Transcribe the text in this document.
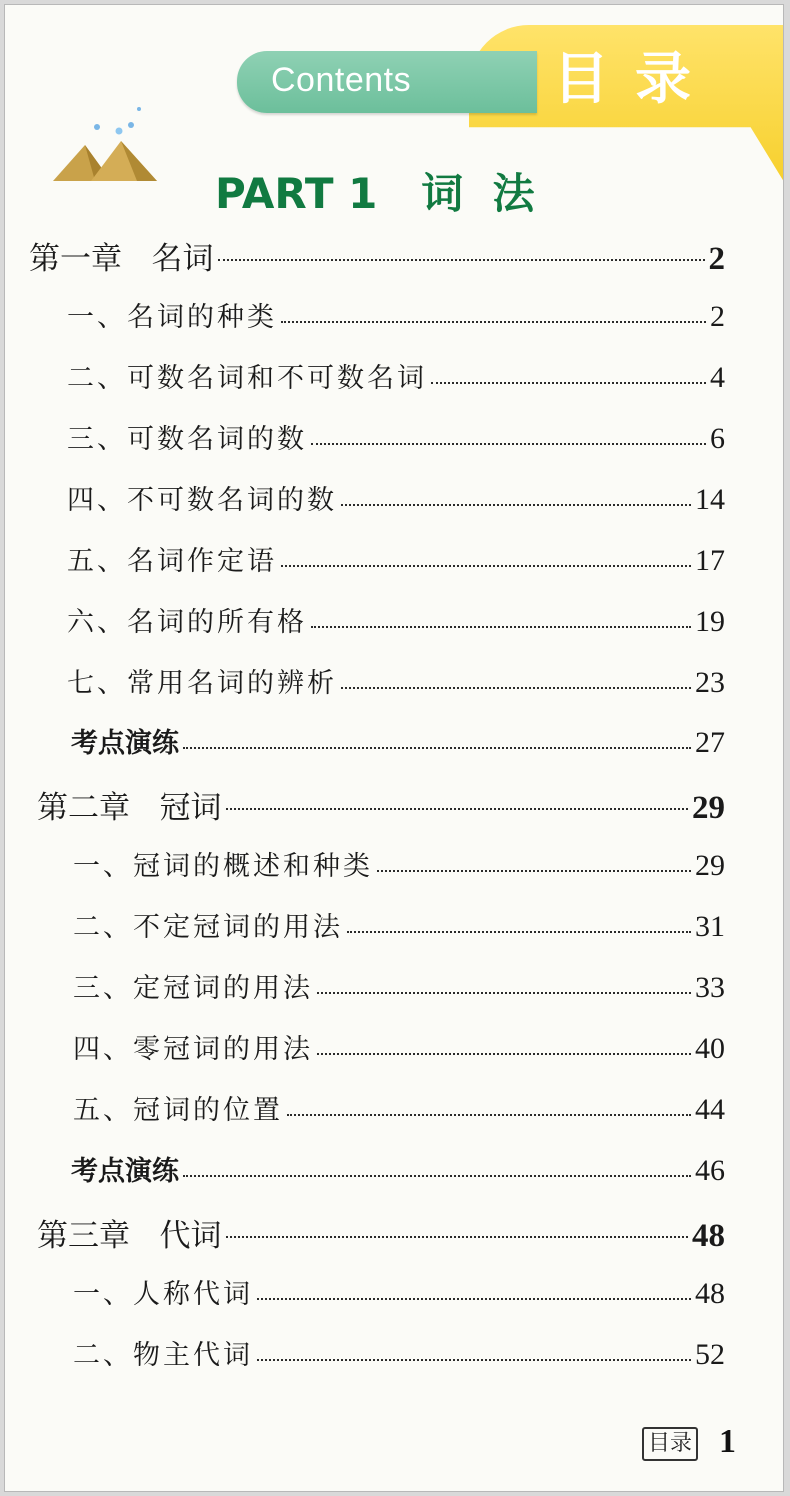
Contents	目录
PART 1   词  法
第一章   名词	2
一、名词的种类	2
二、可数名词和不可数名词	4
三、可数名词的数	6
四、不可数名词的数	14
五、名词作定语	17
六、名词的所有格	19
七、常用名词的辨析	23
考点演练	27
第二章   冠词	29
一、冠词的概述和种类	29
二、不定冠词的用法	31
三、定冠词的用法	33
四、零冠词的用法	40
五、冠词的位置	44
考点演练	46
第三章   代词	48
一、人称代词	48
二、物主代词	52
目录 1
